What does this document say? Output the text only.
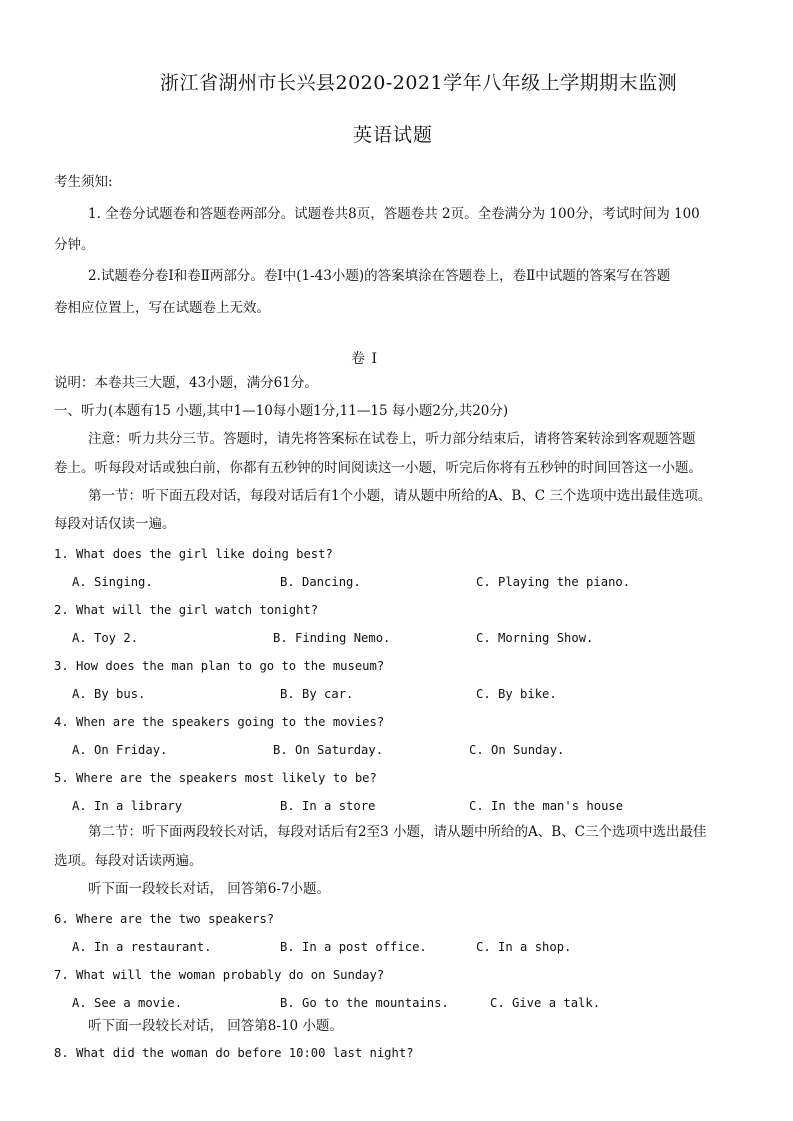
浙江省湖州市长兴县2020-2021学年八年级上学期期末监测
英语试题
考生须知:
1. 全卷分试题卷和答题卷两部分。试题卷共8页，答题卷共 2页。全卷满分为 100分，考试时间为 100
分钟。
2.试题卷分卷Ⅰ和卷Ⅱ两部分。卷Ⅰ中(1-43小题)的答案填涂在答题卷上，卷Ⅱ中试题的答案写在答题
卷相应位置上，写在试题卷上无效。
卷 Ⅰ
说明：本卷共三大题，43小题，满分61分。
一、听力(本题有15 小题,其中1—10每小题1分,11—15 每小题2分,共20分)
注意：听力共分三节。答题时，请先将答案标在试卷上，听力部分结束后，请将答案转涂到客观题答题
卷上。听每段对话或独白前，你都有五秒钟的时间阅读这一小题，听完后你将有五秒钟的时间回答这一小题。
第一节：听下面五段对话，每段对话后有1个小题，请从题中所给的A、B、C 三个选项中选出最佳选项。
每段对话仅读一遍。
1. What does the girl like doing best?
A. Singing.	B. Dancing.	C. Playing the piano.
2. What will the girl watch tonight?
A. Toy 2.	B. Finding Nemo.	C. Morning Show.
3. How does the man plan to go to the museum?
A. By bus.	B. By car.	C. By bike.
4. When are the speakers going to the movies?
A. On Friday.	B. On Saturday.	C. On Sunday.
5. Where are the speakers most likely to be?
A. In a library	B. In a store	C. In the man's house
第二节：听下面两段较长对话，每段对话后有2至3 小题，请从题中所给的A、B、C三个选项中选出最佳
选项。每段对话读两遍。
听下面一段较长对话， 回答第6-7小题。
6. Where are the two speakers?
A. In a restaurant.	B. In a post office.	C. In a shop.
7. What will the woman probably do on Sunday?
A. See a movie.	B. Go to the mountains.	C. Give a talk.
听下面一段较长对话， 回答第8-10 小题。
8. What did the woman do before 10:00 last night?
